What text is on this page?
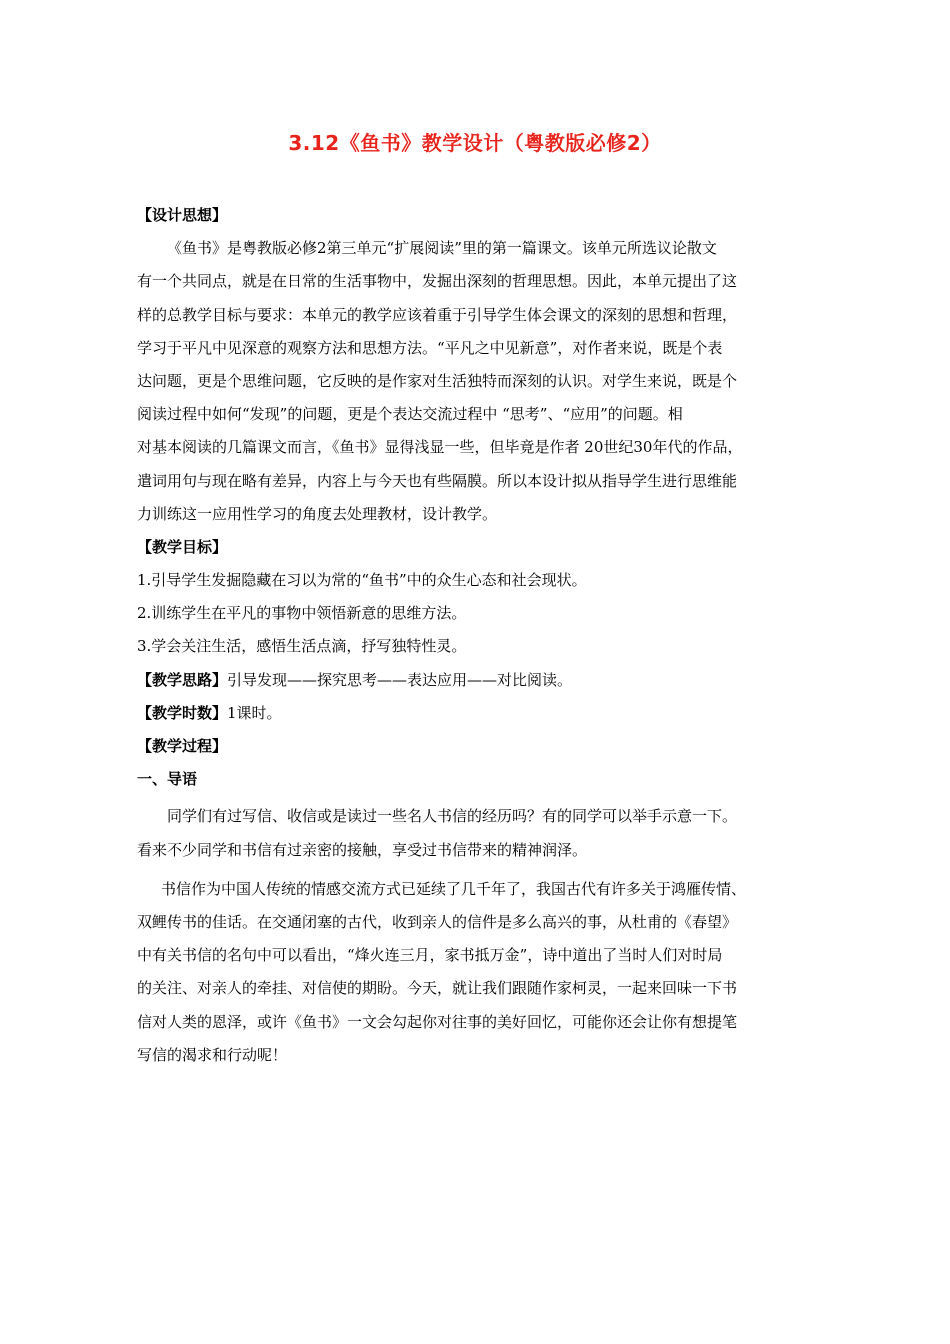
3.12《鱼书》教学设计（粤教版必修2）
【设计思想】
《鱼书》是粤教版必修2第三单元“扩展阅读”里的第一篇课文。该单元所选议论散文
有一个共同点，就是在日常的生活事物中，发掘出深刻的哲理思想。因此，本单元提出了这
样的总教学目标与要求：本单元的教学应该着重于引导学生体会课文的深刻的思想和哲理，
学习于平凡中见深意的观察方法和思想方法。“平凡之中见新意”，对作者来说，既是个表
达问题，更是个思维问题，它反映的是作家对生活独特而深刻的认识。对学生来说，既是个
阅读过程中如何“发现”的问题，更是个表达交流过程中 “思考”、“应用”的问题。相
对基本阅读的几篇课文而言，《鱼书》显得浅显一些，但毕竟是作者 20世纪30年代的作品，
遣词用句与现在略有差异，内容上与今天也有些隔膜。所以本设计拟从指导学生进行思维能
力训练这一应用性学习的角度去处理教材，设计教学。
【教学目标】
1.引导学生发掘隐藏在习以为常的“鱼书”中的众生心态和社会现状。
2.训练学生在平凡的事物中领悟新意的思维方法。
3.学会关注生活，感悟生活点滴，抒写独特性灵。
【教学思路】引导发现——探究思考——表达应用——对比阅读。
【教学时数】1课时。
【教学过程】
一、导语
同学们有过写信、收信或是读过一些名人书信的经历吗？有的同学可以举手示意一下。
看来不少同学和书信有过亲密的接触，享受过书信带来的精神润泽。
书信作为中国人传统的情感交流方式已延续了几千年了，我国古代有许多关于鸿雁传情、
双鲤传书的佳话。在交通闭塞的古代，收到亲人的信件是多么高兴的事，从杜甫的《春望》
中有关书信的名句中可以看出，“烽火连三月，家书抵万金”，诗中道出了当时人们对时局
的关注、对亲人的牵挂、对信使的期盼。今天，就让我们跟随作家柯灵，一起来回味一下书
信对人类的恩泽，或许《鱼书》一文会勾起你对往事的美好回忆，可能你还会让你有想提笔
写信的渴求和行动呢！
